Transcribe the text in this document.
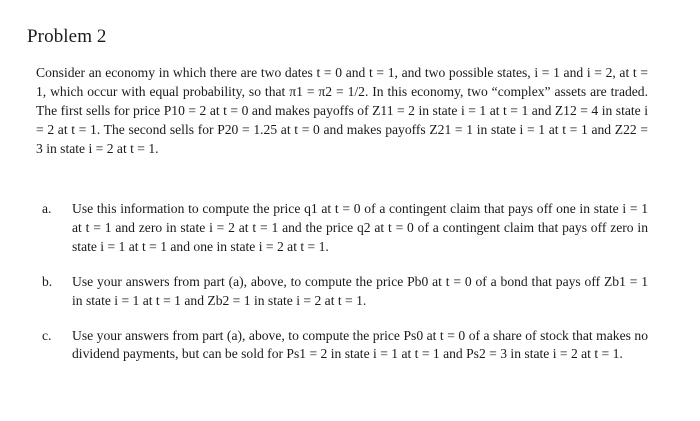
Problem 2

Consider an economy in which there are two dates t = 0 and t = 1, and two possible states, i = 1 and i = 2, at t = 1, which occur with equal probability, so that π1 = π2 = 1/2. In this economy, two “complex” assets are traded. The first sells for price P10 = 2 at t = 0 and makes payoffs of Z11 = 2 in state i = 1 at t = 1 and Z12 = 4 in state i = 2 at t = 1. The second sells for P20 = 1.25 at t = 0 and makes payoffs Z21 = 1 in state i = 1 at t = 1 and Z22 = 3 in state i = 2 at t = 1.

a. Use this information to compute the price q1 at t = 0 of a contingent claim that pays off one in state i = 1 at t = 1 and zero in state i = 2 at t = 1 and the price q2 at t = 0 of a contingent claim that pays off zero in state i = 1 at t = 1 and one in state i = 2 at t = 1.
b. Use your answers from part (a), above, to compute the price Pb0 at t = 0 of a bond that pays off Zb1 = 1 in state i = 1 at t = 1 and Zb2 = 1 in state i = 2 at t = 1.
c. Use your answers from part (a), above, to compute the price Ps0 at t = 0 of a share of stock that makes no dividend payments, but can be sold for Ps1 = 2 in state i = 1 at t = 1 and Ps2 = 3 in state i = 2 at t = 1.
